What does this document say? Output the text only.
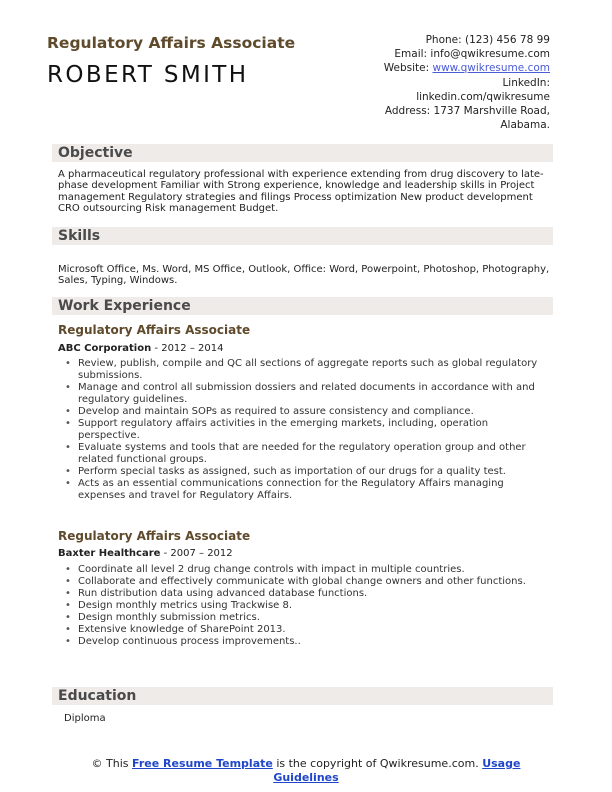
Regulatory Affairs Associate
ROBERT SMITH
Phone: (123) 456 78 99
Email: info@qwikresume.com
Website: www.qwikresume.com
LinkedIn:
linkedin.com/qwikresume
Address: 1737 Marshville Road,
Alabama.
Objective
A pharmaceutical regulatory professional with experience extending from drug discovery to late-phase development Familiar with Strong experience, knowledge and leadership skills in Project management Regulatory strategies and filings Process optimization New product development CRO outsourcing Risk management Budget.
Skills
Microsoft Office, Ms. Word, MS Office, Outlook, Office: Word, Powerpoint, Photoshop, Photography, Sales, Typing, Windows.
Work Experience
Regulatory Affairs Associate
ABC Corporation - 2012 – 2014
• Review, publish, compile and QC all sections of aggregate reports such as global regulatory submissions.
• Manage and control all submission dossiers and related documents in accordance with and regulatory guidelines.
• Develop and maintain SOPs as required to assure consistency and compliance.
• Support regulatory affairs activities in the emerging markets, including, operation perspective.
• Evaluate systems and tools that are needed for the regulatory operation group and other related functional groups.
• Perform special tasks as assigned, such as importation of our drugs for a quality test.
• Acts as an essential communications connection for the Regulatory Affairs managing expenses and travel for Regulatory Affairs.
Regulatory Affairs Associate
Baxter Healthcare - 2007 – 2012
• Coordinate all level 2 drug change controls with impact in multiple countries.
• Collaborate and effectively communicate with global change owners and other functions.
• Run distribution data using advanced database functions.
• Design monthly metrics using Trackwise 8.
• Design monthly submission metrics.
• Extensive knowledge of SharePoint 2013.
• Develop continuous process improvements..
Education
Diploma
© This Free Resume Template is the copyright of Qwikresume.com. Usage
Guidelines
